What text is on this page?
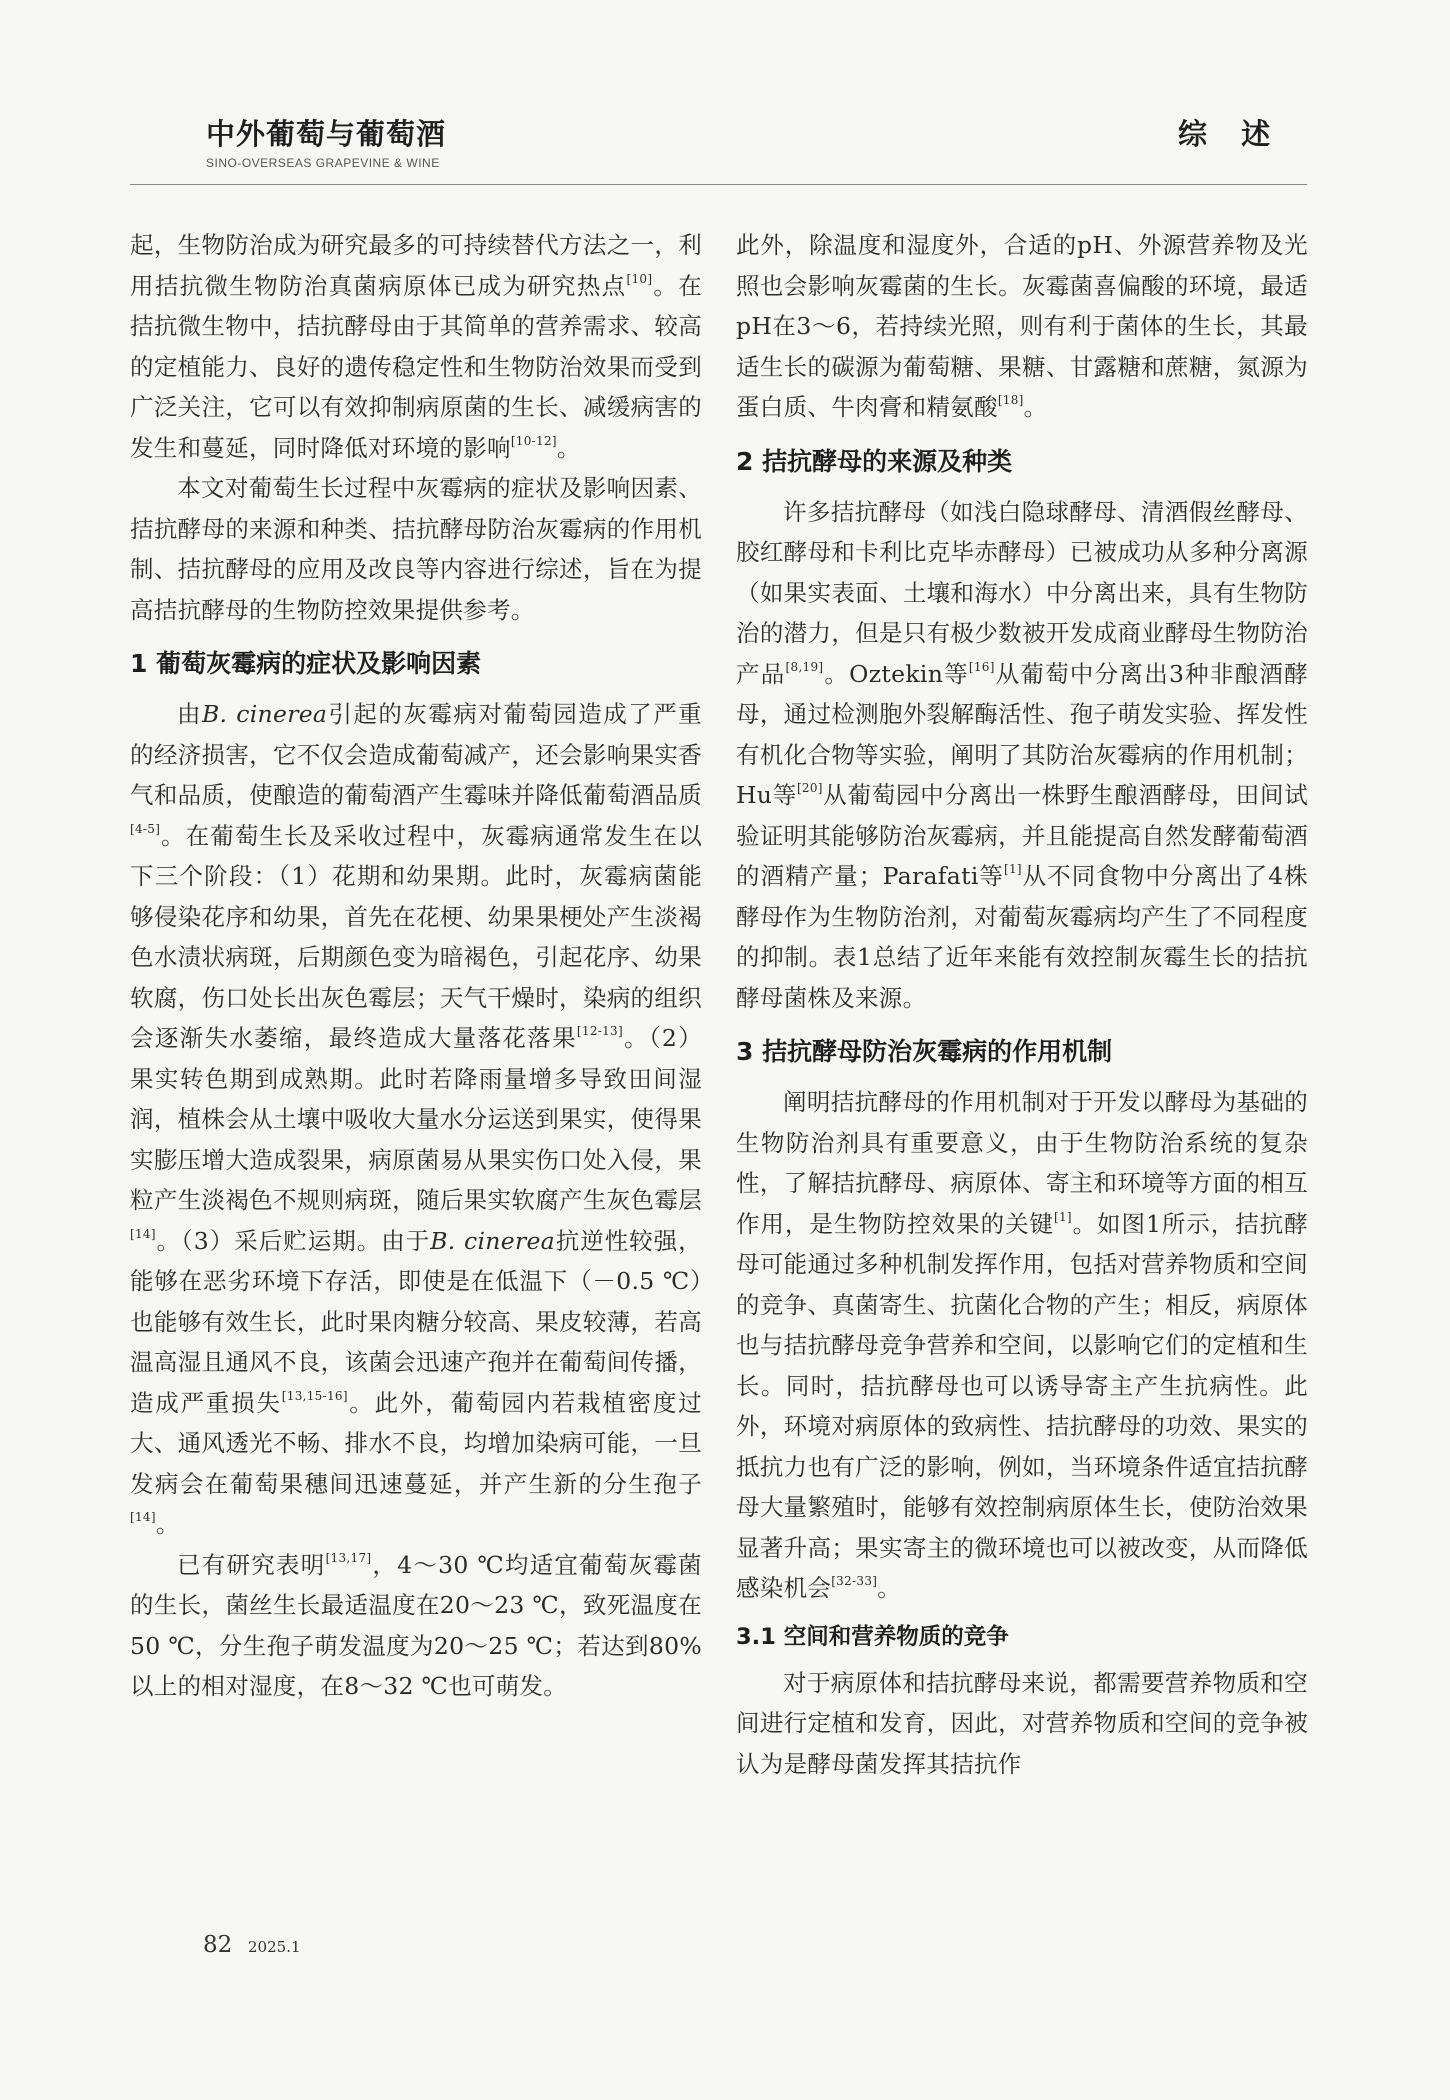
中外葡萄与葡萄酒
SINO-OVERSEAS GRAPEVINE & WINE
综 述

起，生物防治成为研究最多的可持续替代方法之一，利用拮抗微生物防治真菌病原体已成为研究热点[10]。在拮抗微生物中，拮抗酵母由于其简单的营养需求、较高的定植能力、良好的遗传稳定性和生物防治效果而受到广泛关注，它可以有效抑制病原菌的生长、减缓病害的发生和蔓延，同时降低对环境的影响[10-12]。

本文对葡萄生长过程中灰霉病的症状及影响因素、拮抗酵母的来源和种类、拮抗酵母防治灰霉病的作用机制、拮抗酵母的应用及改良等内容进行综述，旨在为提高拮抗酵母的生物防控效果提供参考。

1 葡萄灰霉病的症状及影响因素

由B. cinerea引起的灰霉病对葡萄园造成了严重的经济损害，它不仅会造成葡萄减产，还会影响果实香气和品质，使酿造的葡萄酒产生霉味并降低葡萄酒品质[4-5]。在葡萄生长及采收过程中，灰霉病通常发生在以下三个阶段：（1）花期和幼果期。此时，灰霉病菌能够侵染花序和幼果，首先在花梗、幼果果梗处产生淡褐色水渍状病斑，后期颜色变为暗褐色，引起花序、幼果软腐，伤口处长出灰色霉层；天气干燥时，染病的组织会逐渐失水萎缩，最终造成大量落花落果[12-13]。（2）果实转色期到成熟期。此时若降雨量增多导致田间湿润，植株会从土壤中吸收大量水分运送到果实，使得果实膨压增大造成裂果，病原菌易从果实伤口处入侵，果粒产生淡褐色不规则病斑，随后果实软腐产生灰色霉层[14]。（3）采后贮运期。由于B. cinerea抗逆性较强，能够在恶劣环境下存活，即使是在低温下（－0.5 ℃）也能够有效生长，此时果肉糖分较高、果皮较薄，若高温高湿且通风不良，该菌会迅速产孢并在葡萄间传播，造成严重损失[13,15-16]。此外，葡萄园内若栽植密度过大、通风透光不畅、排水不良，均增加染病可能，一旦发病会在葡萄果穗间迅速蔓延，并产生新的分生孢子[14]。

已有研究表明[13,17]，4～30 ℃均适宜葡萄灰霉菌的生长，菌丝生长最适温度在20～23 ℃，致死温度在50 ℃，分生孢子萌发温度为20～25 ℃；若达到80%以上的相对湿度，在8～32 ℃也可萌发。

此外，除温度和湿度外，合适的pH、外源营养物及光照也会影响灰霉菌的生长。灰霉菌喜偏酸的环境，最适pH在3～6，若持续光照，则有利于菌体的生长，其最适生长的碳源为葡萄糖、果糖、甘露糖和蔗糖，氮源为蛋白质、牛肉膏和精氨酸[18]。

2 拮抗酵母的来源及种类

许多拮抗酵母（如浅白隐球酵母、清酒假丝酵母、胶红酵母和卡利比克毕赤酵母）已被成功从多种分离源（如果实表面、土壤和海水）中分离出来，具有生物防治的潜力，但是只有极少数被开发成商业酵母生物防治产品[8,19]。Oztekin等[16]从葡萄中分离出3种非酿酒酵母，通过检测胞外裂解酶活性、孢子萌发实验、挥发性有机化合物等实验，阐明了其防治灰霉病的作用机制；Hu等[20]从葡萄园中分离出一株野生酿酒酵母，田间试验证明其能够防治灰霉病，并且能提高自然发酵葡萄酒的酒精产量；Parafati等[1]从不同食物中分离出了4株酵母作为生物防治剂，对葡萄灰霉病均产生了不同程度的抑制。表1总结了近年来能有效控制灰霉生长的拮抗酵母菌株及来源。

3 拮抗酵母防治灰霉病的作用机制

阐明拮抗酵母的作用机制对于开发以酵母为基础的生物防治剂具有重要意义，由于生物防治系统的复杂性，了解拮抗酵母、病原体、寄主和环境等方面的相互作用，是生物防控效果的关键[1]。如图1所示，拮抗酵母可能通过多种机制发挥作用，包括对营养物质和空间的竞争、真菌寄生、抗菌化合物的产生；相反，病原体也与拮抗酵母竞争营养和空间，以影响它们的定植和生长。同时，拮抗酵母也可以诱导寄主产生抗病性。此外，环境对病原体的致病性、拮抗酵母的功效、果实的抵抗力也有广泛的影响，例如，当环境条件适宜拮抗酵母大量繁殖时，能够有效控制病原体生长，使防治效果显著升高；果实寄主的微环境也可以被改变，从而降低感染机会[32-33]。

3.1 空间和营养物质的竞争

对于病原体和拮抗酵母来说，都需要营养物质和空间进行定植和发育，因此，对营养物质和空间的竞争被认为是酵母菌发挥其拮抗作

82 2025.1
